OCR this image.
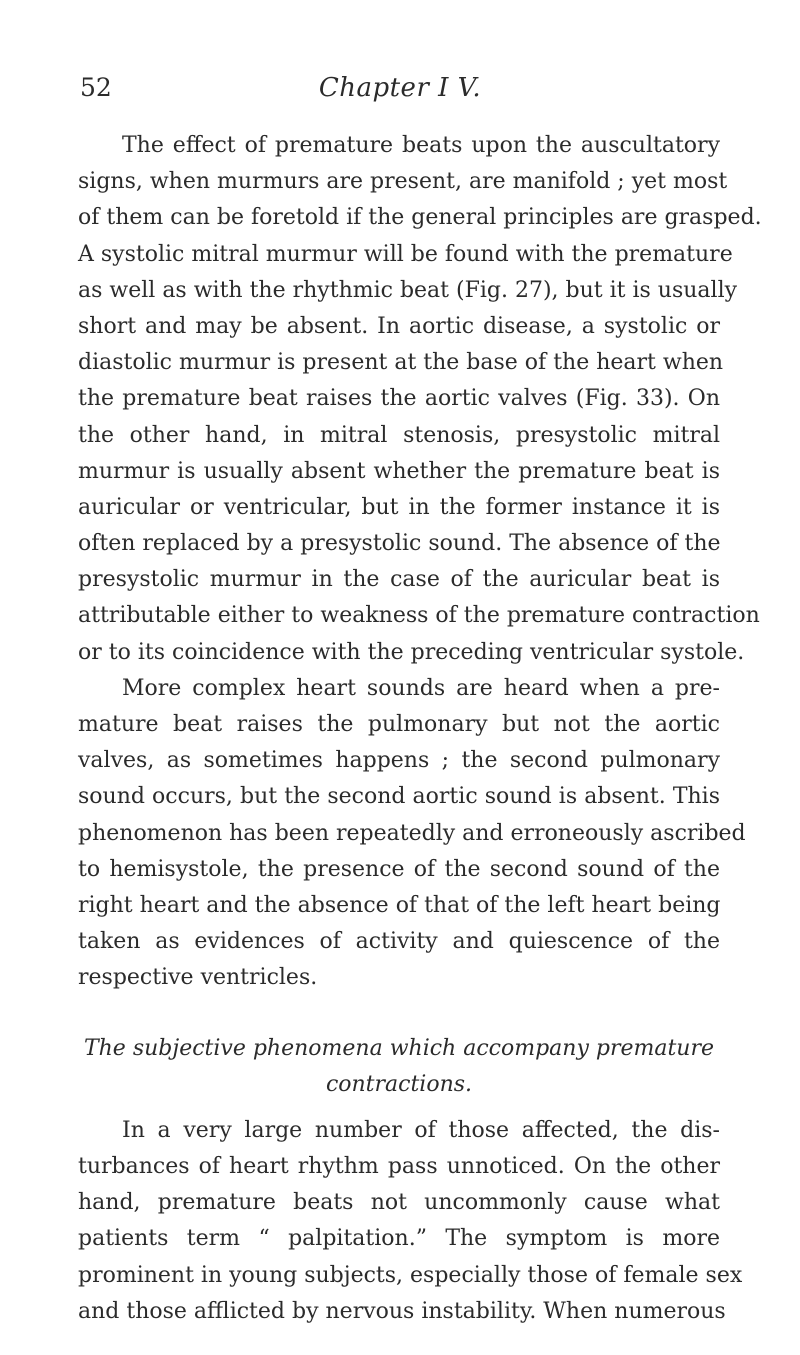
52	Chapter I V.
The effect of premature beats upon the auscultatory
signs, when murmurs are present, are manifold ; yet most
of them can be foretold if the general principles are grasped.
A systolic mitral murmur will be found with the premature
as well as with the rhythmic beat (Fig. 27), but it is usually
short and may be absent. In aortic disease, a systolic or
diastolic murmur is present at the base of the heart when
the premature beat raises the aortic valves (Fig. 33). On
the other hand, in mitral stenosis, presystolic mitral
murmur is usually absent whether the premature beat is
auricular or ventricular, but in the former instance it is
often replaced by a presystolic sound. The absence of the
presystolic murmur in the case of the auricular beat is
attributable either to weakness of the premature contraction
or to its coincidence with the preceding ventricular systole.
More complex heart sounds are heard when a pre-
mature beat raises the pulmonary but not the aortic
valves, as sometimes happens ; the second pulmonary
sound occurs, but the second aortic sound is absent. This
phenomenon has been repeatedly and erroneously ascribed
to hemisystole, the presence of the second sound of the
right heart and the absence of that of the left heart being
taken as evidences of activity and quiescence of the
respective ventricles.
The subjective phenomena which accompany premature
contractions.
In a very large number of those affected, the dis-
turbances of heart rhythm pass unnoticed. On the other
hand, premature beats not uncommonly cause what
patients term “ palpitation.” The symptom is more
prominent in young subjects, especially those of female sex
and those afflicted by nervous instability. When numerous
